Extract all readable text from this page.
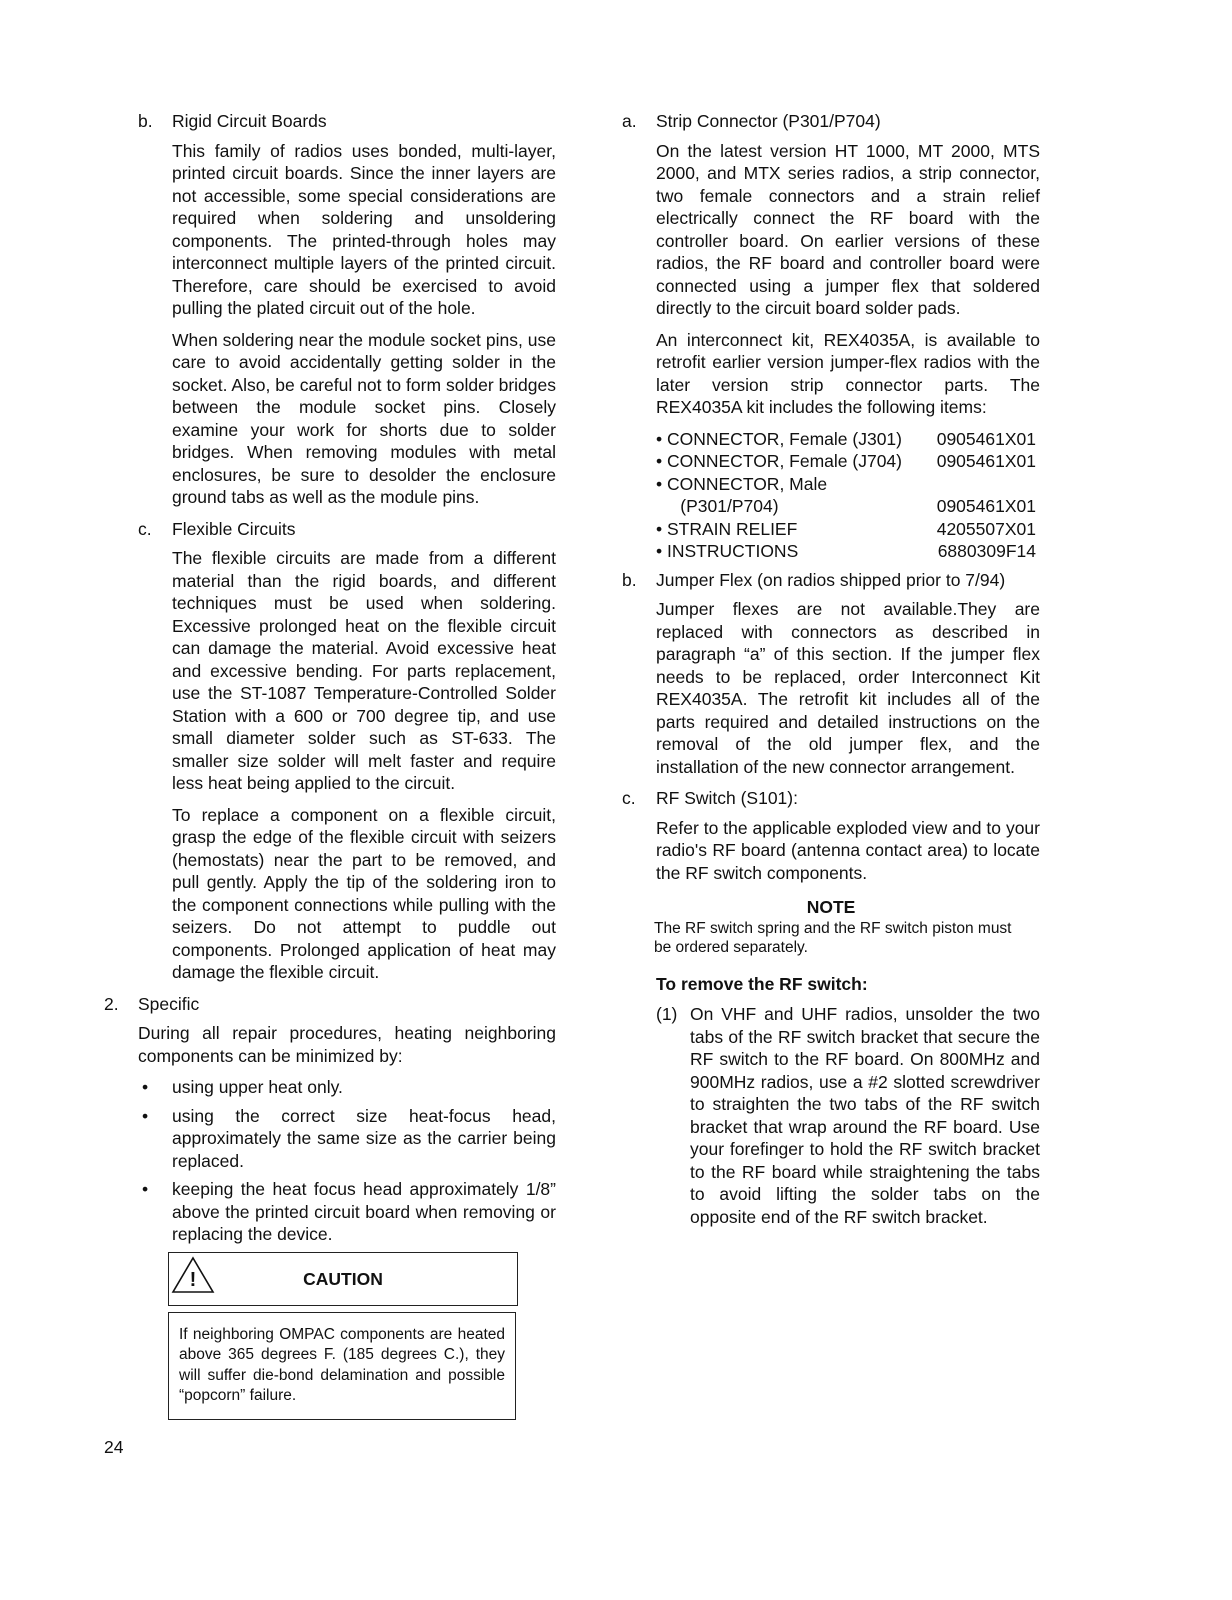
b.	Rigid Circuit Boards

This family of radios uses bonded, multi-layer, printed circuit boards. Since the inner layers are not accessible, some special considerations are required when soldering and unsoldering components. The printed-through holes may interconnect multiple layers of the printed circuit. Therefore, care should be exercised to avoid pulling the plated circuit out of the hole.

When soldering near the module socket pins, use care to avoid accidentally getting solder in the socket. Also, be careful not to form solder bridges between the module socket pins. Closely examine your work for shorts due to solder bridges. When removing modules with metal enclosures, be sure to desolder the enclosure ground tabs as well as the module pins.

c.	Flexible Circuits

The flexible circuits are made from a different material than the rigid boards, and different techniques must be used when soldering. Excessive prolonged heat on the flexible circuit can damage the material. Avoid excessive heat and excessive bending. For parts replacement, use the ST-1087 Temperature-Controlled Solder Station with a 600 or 700 degree tip, and use small diameter solder such as ST-633. The smaller size solder will melt faster and require less heat being applied to the circuit.

To replace a component on a flexible circuit, grasp the edge of the flexible circuit with seizers (hemostats) near the part to be removed, and pull gently. Apply the tip of the soldering iron to the component connections while pulling with the seizers. Do not attempt to puddle out components. Prolonged application of heat may damage the flexible circuit.

2. Specific

During all repair procedures, heating neighboring components can be minimized by:

• using upper heat only.
• using the correct size heat-focus head, approximately the same size as the carrier being replaced.
• keeping the heat focus head approximately 1/8” above the printed circuit board when removing or replacing the device.
!	CAUTION
If neighboring OMPAC components are heated above 365 degrees F. (185 degrees C.), they will suffer die-bond delamination and possible “popcorn” failure.
a.	Strip Connector (P301/P704)

On the latest version HT 1000, MT 2000, MTS 2000, and MTX series radios, a strip connector, two female connectors and a strain relief electrically connect the RF board with the controller board. On earlier versions of these radios, the RF board and controller board were connected using a jumper flex that soldered directly to the circuit board solder pads.

An interconnect kit, REX4035A, is available to retrofit earlier version jumper-flex radios with the later version strip connector parts. The REX4035A kit includes the following items:

• CONNECTOR, Female (J301) 0905461X01
• CONNECTOR, Female (J704) 0905461X01
• CONNECTOR, Male
(P301/P704)	0905461X01
• STRAIN RELIEF	4205507X01
• INSTRUCTIONS	6880309F14
b.	Jumper Flex (on radios shipped prior to 7/94)

Jumper flexes are not available.They are replaced with connectors as described in paragraph “a” of this section. If the jumper flex needs to be replaced, order Interconnect Kit REX4035A. The retrofit kit includes all of the parts required and detailed instructions on the removal of the old jumper flex, and the installation of the new connector arrangement.

c.	RF Switch (S101):

Refer to the applicable exploded view and to your radio's RF board (antenna contact area) to locate the RF switch components.

NOTE
The RF switch spring and the RF switch piston must be ordered separately.
To remove the RF switch:
(1) On VHF and UHF radios, unsolder the two tabs of the RF switch bracket that secure the RF switch to the RF board. On 800MHz and 900MHz radios, use a #2 slotted screwdriver to straighten the two tabs of the RF switch bracket that wrap around the RF board. Use your forefinger to hold the RF switch bracket to the RF board while straightening the tabs to avoid lifting the solder tabs on the opposite end of the RF switch bracket.
24
